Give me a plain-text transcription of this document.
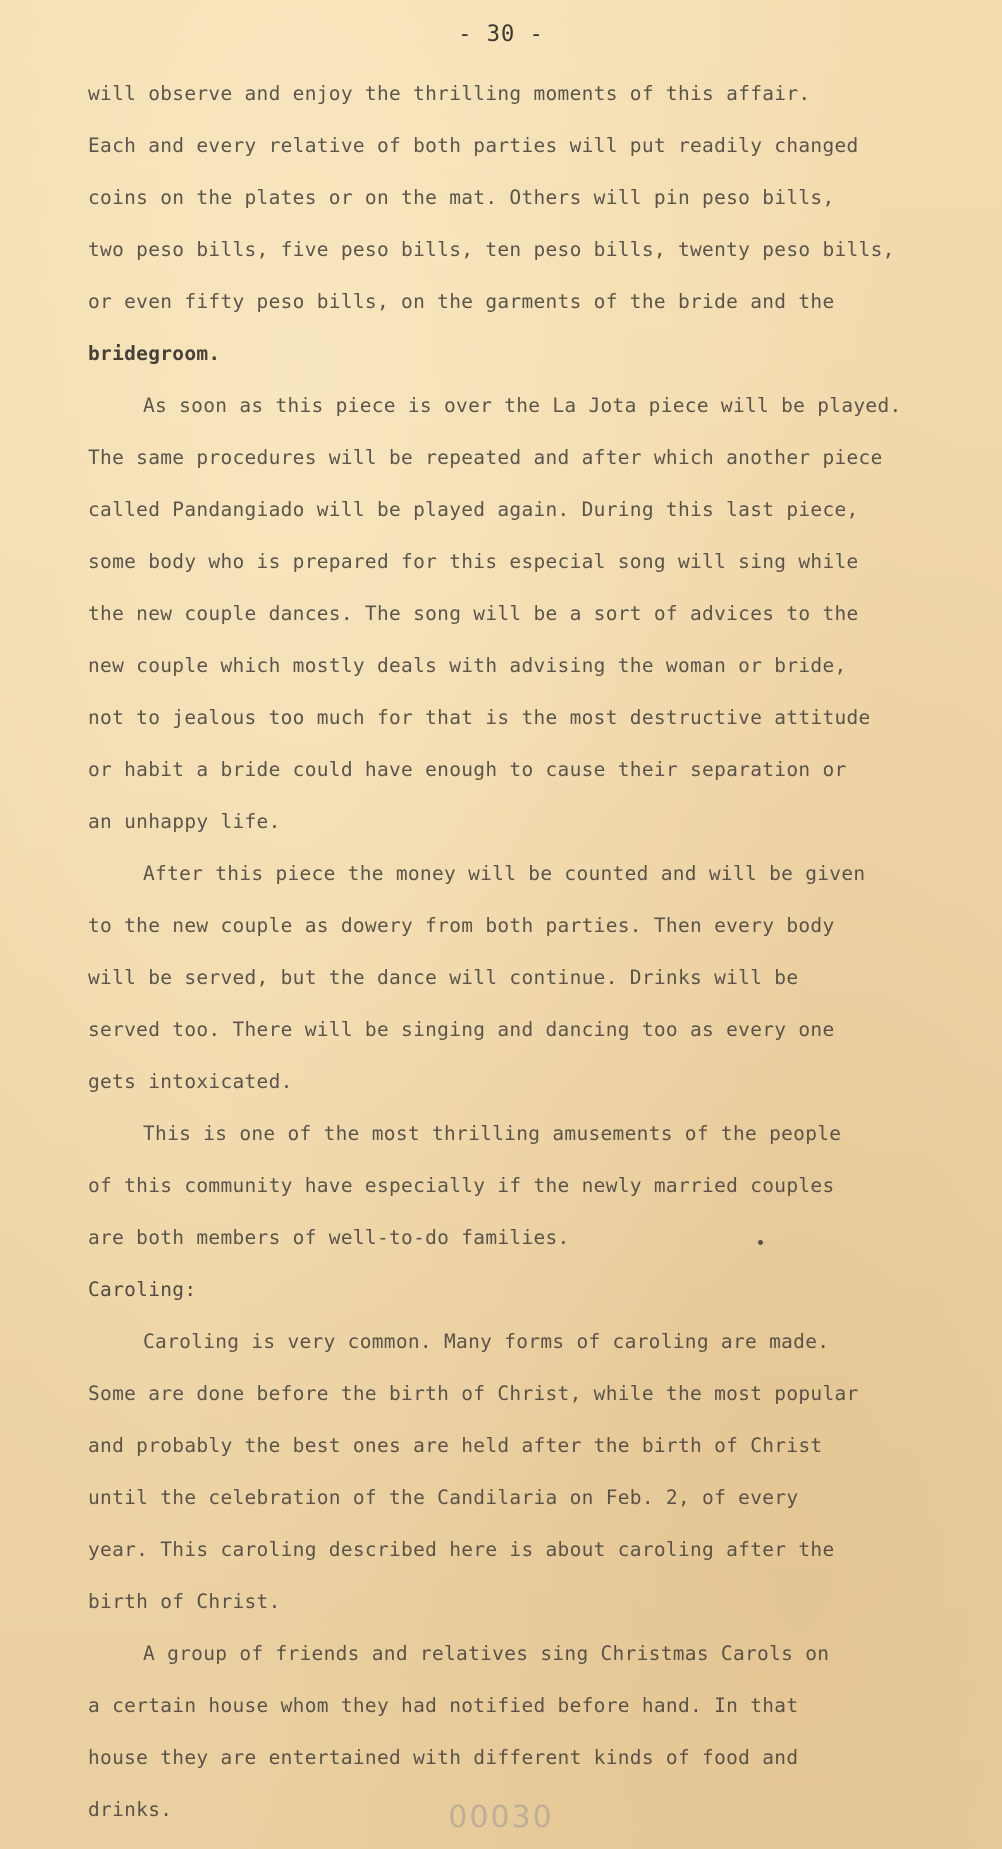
- 30 -
will observe and enjoy the thrilling moments of this affair.
Each and every relative of both parties will put readily changed
coins on the plates or on the mat. Others will pin peso bills,
two peso bills, five peso bills, ten peso bills, twenty peso bills,
or even fifty peso bills, on the garments of the bride and the
bridegroom.
As soon as this piece is over the La Jota piece will be played.
The same procedures will be repeated and after which another piece
called Pandangiado will be played again. During this last piece,
some body who is prepared for this especial song will sing while
the new couple dances. The song will be a sort of advices to the
new couple which mostly deals with advising the woman or bride,
not to jealous too much for that is the most destructive attitude
or habit a bride could have enough to cause their separation or
an unhappy life.
After this piece the money will be counted and will be given
to the new couple as dowery from both parties. Then every body
will be served, but the dance will continue. Drinks will be
served too. There will be singing and dancing too as every one
gets intoxicated.
This is one of the most thrilling amusements of the people
of this community have especially if the newly married couples
are both members of well-to-do families.
Caroling:
Caroling is very common. Many forms of caroling are made.
Some are done before the birth of Christ, while the most popular
and probably the best ones are held after the birth of Christ
until the celebration of the Candilaria on Feb. 2, of every
year. This caroling described here is about caroling after the
birth of Christ.
A group of friends and relatives sing Christmas Carols on
a certain house whom they had notified before hand. In that
house they are entertained with different kinds of food and
drinks.	00030
